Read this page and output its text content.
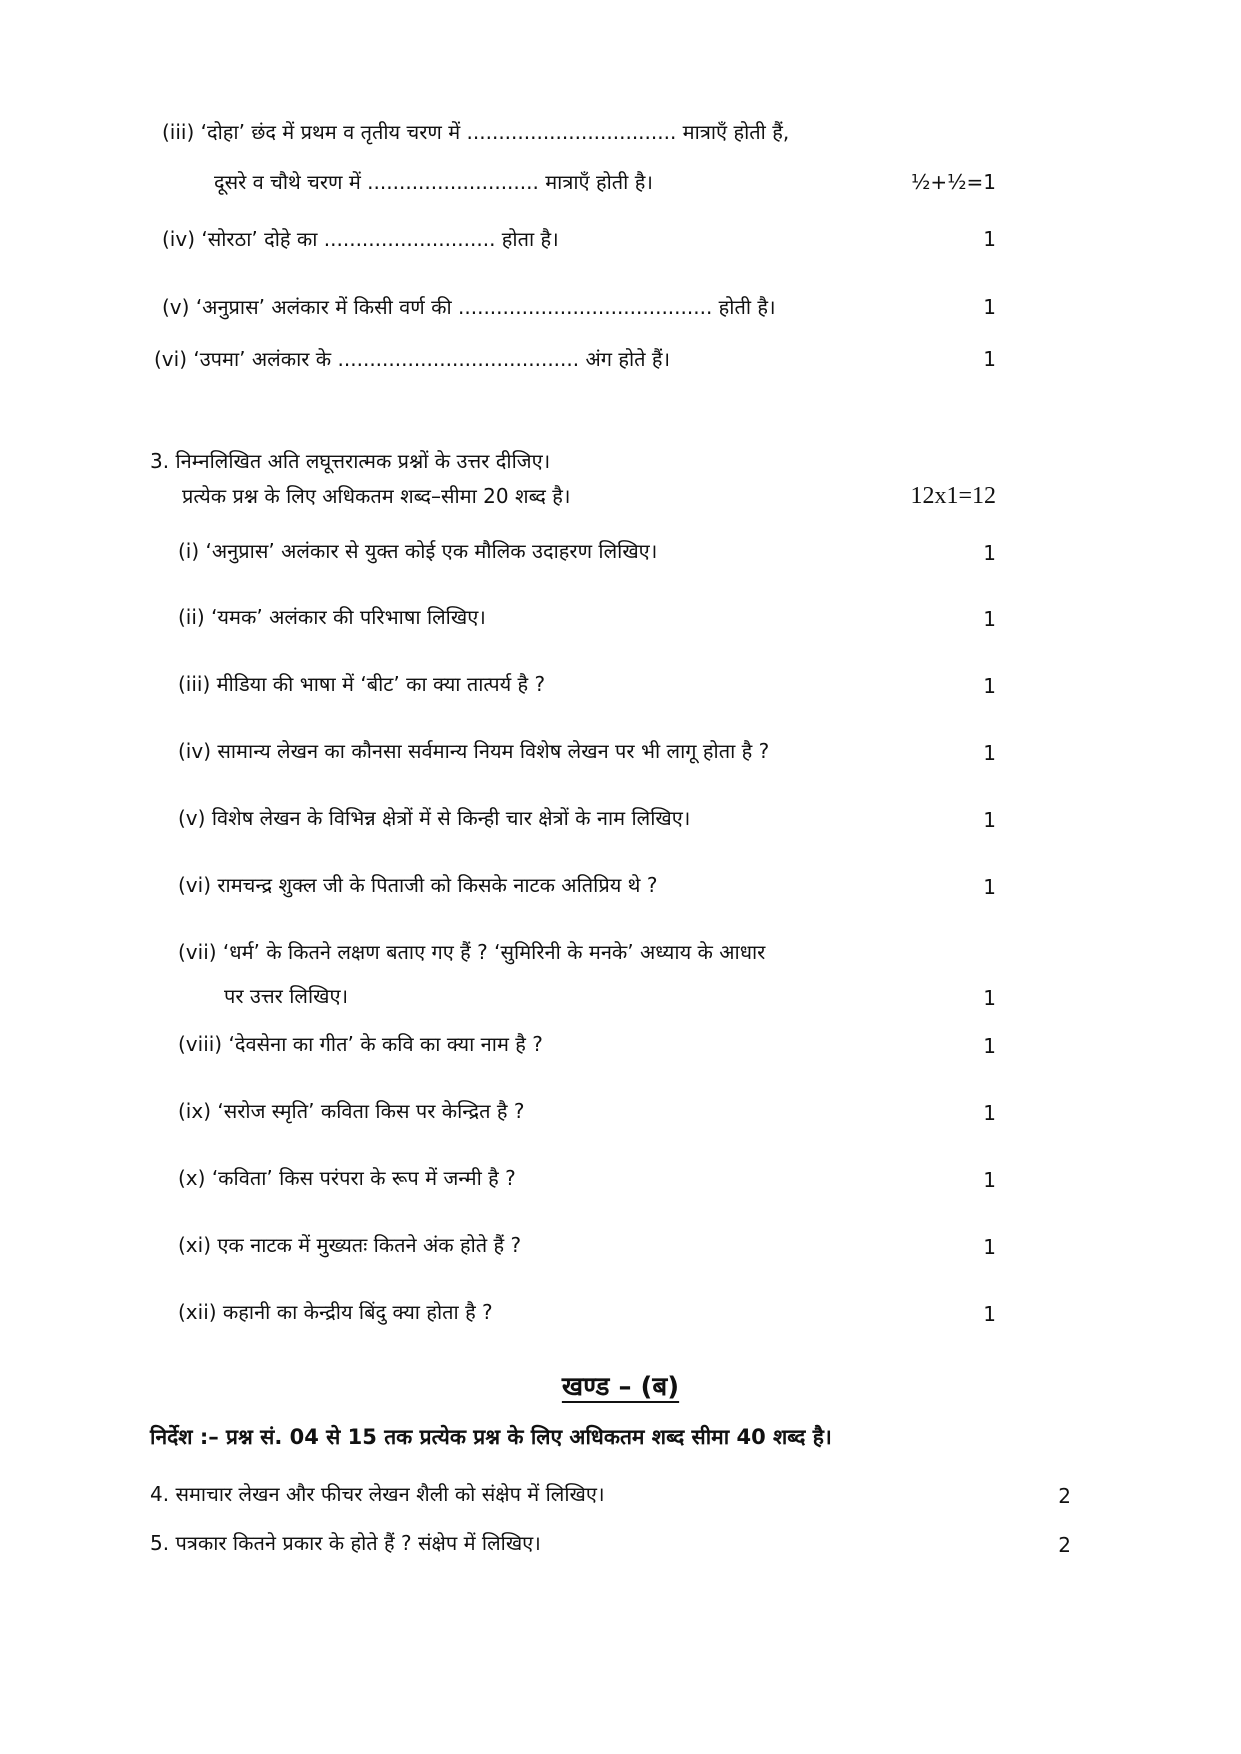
(iii) ‘दोहा’ छंद में प्रथम व तृतीय चरण में ................................. मात्राएँ होती हैं,
दूसरे व चौथे चरण में ........................... मात्राएँ होती है।	½+½=1
(iv) ‘सोरठा’ दोहे का ........................... होता है।	1
(v) ‘अनुप्रास’ अलंकार में किसी वर्ण की ........................................ होती है।	1
(vi) ‘उपमा’ अलंकार के ...................................... अंग होते हैं।	1
3. निम्नलिखित अति लघूत्तरात्मक प्रश्नों के उत्तर दीजिए।
प्रत्येक प्रश्न के लिए अधिकतम शब्द–सीमा 20 शब्द है।	12x1=12
(i) ‘अनुप्रास’ अलंकार से युक्त कोई एक मौलिक उदाहरण लिखिए।	1
(ii) ‘यमक’ अलंकार की परिभाषा लिखिए।	1
(iii) मीडिया की भाषा में ‘बीट’ का क्या तात्पर्य है ?	1
(iv) सामान्य लेखन का कौनसा सर्वमान्य नियम विशेष लेखन पर भी लागू होता है ?	1
(v) विशेष लेखन के विभिन्न क्षेत्रों में से किन्ही चार क्षेत्रों के नाम लिखिए।	1
(vi) रामचन्द्र शुक्ल जी के पिताजी को किसके नाटक अतिप्रिय थे ?	1
(vii) ‘धर्म’ के कितने लक्षण बताए गए हैं ? ‘सुमिरिनी के मनके’ अध्याय के आधार
पर उत्तर लिखिए।	1
(viii) ‘देवसेना का गीत’ के कवि का क्या नाम है ?	1
(ix) ‘सरोज स्मृति’ कविता किस पर केन्द्रित है ?	1
(x) ‘कविता’ किस परंपरा के रूप में जन्मी है ?	1
(xi) एक नाटक में मुख्यतः कितने अंक होते हैं ?	1
(xii) कहानी का केन्द्रीय बिंदु क्या होता है ?	1
खण्ड – (ब)
निर्देश :– प्रश्न सं. 04 से 15 तक प्रत्येक प्रश्न के लिए अधिकतम शब्द सीमा 40 शब्द है।
4. समाचार लेखन और फीचर लेखन शैली को संक्षेप में लिखिए।	2
5. पत्रकार कितने प्रकार के होते हैं ? संक्षेप में लिखिए।	2
